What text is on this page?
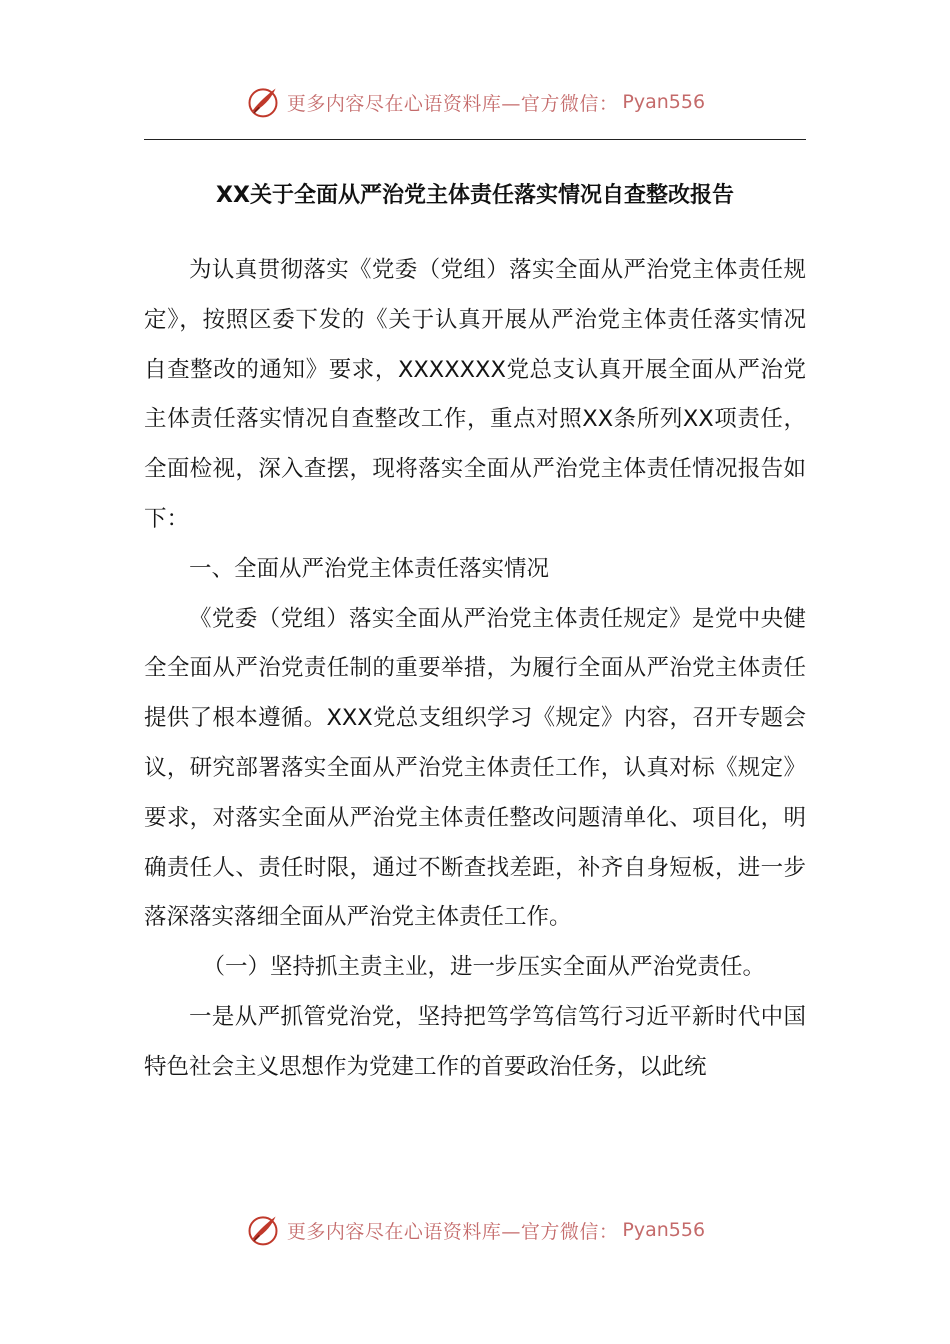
更多内容尽在心语资料库—官方微信： Pyan556
XX关于全面从严治党主体责任落实情况自查整改报告

为认真贯彻落实《党委（党组）落实全面从严治党主体责任规定》，按照区委下发的《关于认真开展从严治党主体责任落实情况自查整改的通知》要求，XXXXXXX党总支认真开展全面从严治党主体责任落实情况自查整改工作，重点对照XX条所列XX项责任，全面检视，深入查摆，现将落实全面从严治党主体责任情况报告如下：

一、全面从严治党主体责任落实情况

《党委（党组）落实全面从严治党主体责任规定》是党中央健全全面从严治党责任制的重要举措，为履行全面从严治党主体责任提供了根本遵循。XXX党总支组织学习《规定》内容，召开专题会议，研究部署落实全面从严治党主体责任工作，认真对标《规定》要求，对落实全面从严治党主体责任整改问题清单化、项目化，明确责任人、责任时限，通过不断查找差距，补齐自身短板，进一步落深落实落细全面从严治党主体责任工作。

（一）坚持抓主责主业，进一步压实全面从严治党责任。

一是从严抓管党治党，坚持把笃学笃信笃行习近平新时代中国特色社会主义思想作为党建工作的首要政治任务，以此统

更多内容尽在心语资料库—官方微信： Pyan556
